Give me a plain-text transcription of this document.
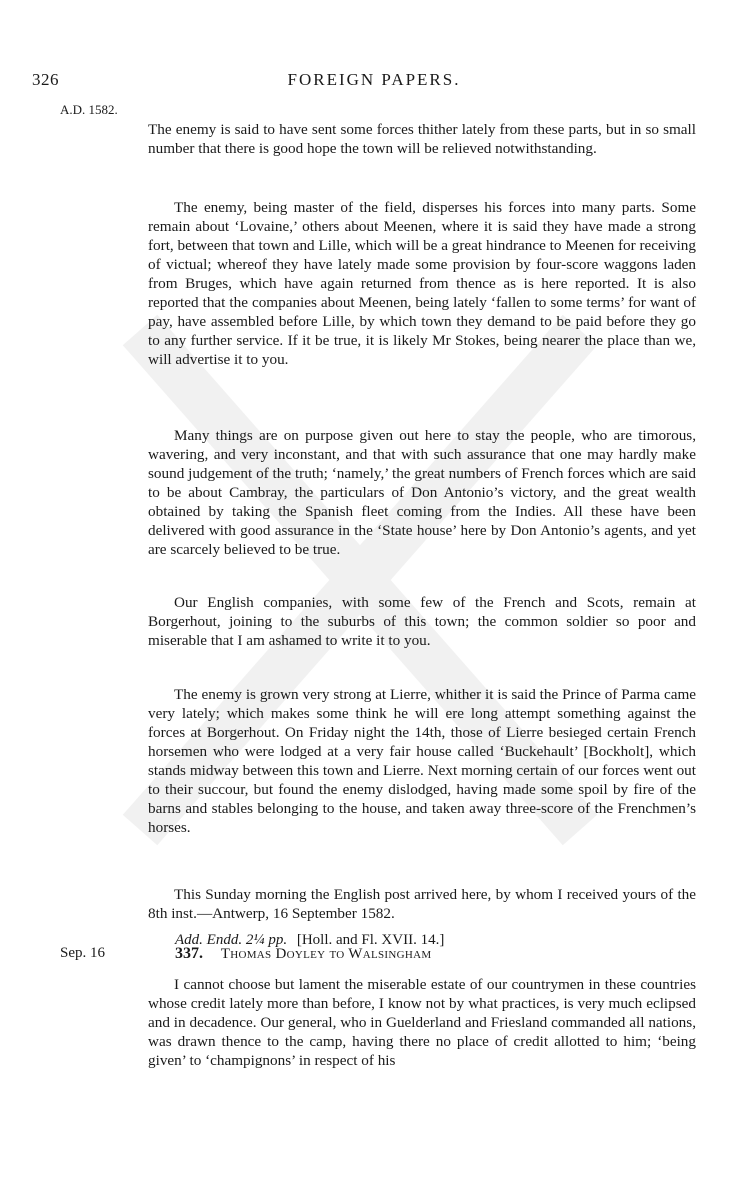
326	FOREIGN PAPERS.
A.D. 1582.

The enemy is said to have sent some forces thither lately from these parts, but in so small number that there is good hope the town will be relieved notwithstanding.

The enemy, being master of the field, disperses his forces into many parts. Some remain about ‘Lovaine,’ others about Meenen, where it is said they have made a strong fort, between that town and Lille, which will be a great hindrance to Meenen for receiving of victual; whereof they have lately made some provision by four-score waggons laden from Bruges, which have again returned from thence as is here reported. It is also reported that the companies about Meenen, being lately ‘fallen to some terms’ for want of pay, have assembled before Lille, by which town they demand to be paid before they go to any further service. If it be true, it is likely Mr Stokes, being nearer the place than we, will advertise it to you.

Many things are on purpose given out here to stay the people, who are timorous, wavering, and very inconstant, and that with such assurance that one may hardly make sound judgement of the truth; ‘namely,’ the great numbers of French forces which are said to be about Cambray, the particulars of Don Antonio’s victory, and the great wealth obtained by taking the Spanish fleet coming from the Indies. All these have been delivered with good assurance in the ‘State house’ here by Don Antonio’s agents, and yet are scarcely believed to be true.

Our English companies, with some few of the French and Scots, remain at Borgerhout, joining to the suburbs of this town; the common soldier so poor and miserable that I am ashamed to write it to you.

The enemy is grown very strong at Lierre, whither it is said the Prince of Parma came very lately; which makes some think he will ere long attempt something against the forces at Borgerhout. On Friday night the 14th, those of Lierre besieged certain French horsemen who were lodged at a very fair house called ‘Buckehault’ [Bockholt], which stands midway between this town and Lierre. Next morning certain of our forces went out to their succour, but found the enemy dislodged, having made some spoil by fire of the barns and stables belonging to the house, and taken away three-score of the Frenchmen’s horses.

This Sunday morning the English post arrived here, by whom I received yours of the 8th inst.—Antwerp, 16 September 1582.

Add. Endd. 2¼ pp. [Holl. and Fl. XVII. 14.]
Sep. 16	337. Thomas Doyley to Walsingham

I cannot choose but lament the miserable estate of our countrymen in these countries whose credit lately more than before, I know not by what practices, is very much eclipsed and in decadence. Our general, who in Guelderland and Friesland commanded all nations, was drawn thence to the camp, having there no place of credit allotted to him; ‘being given’ to ‘champignons’ in respect of his
